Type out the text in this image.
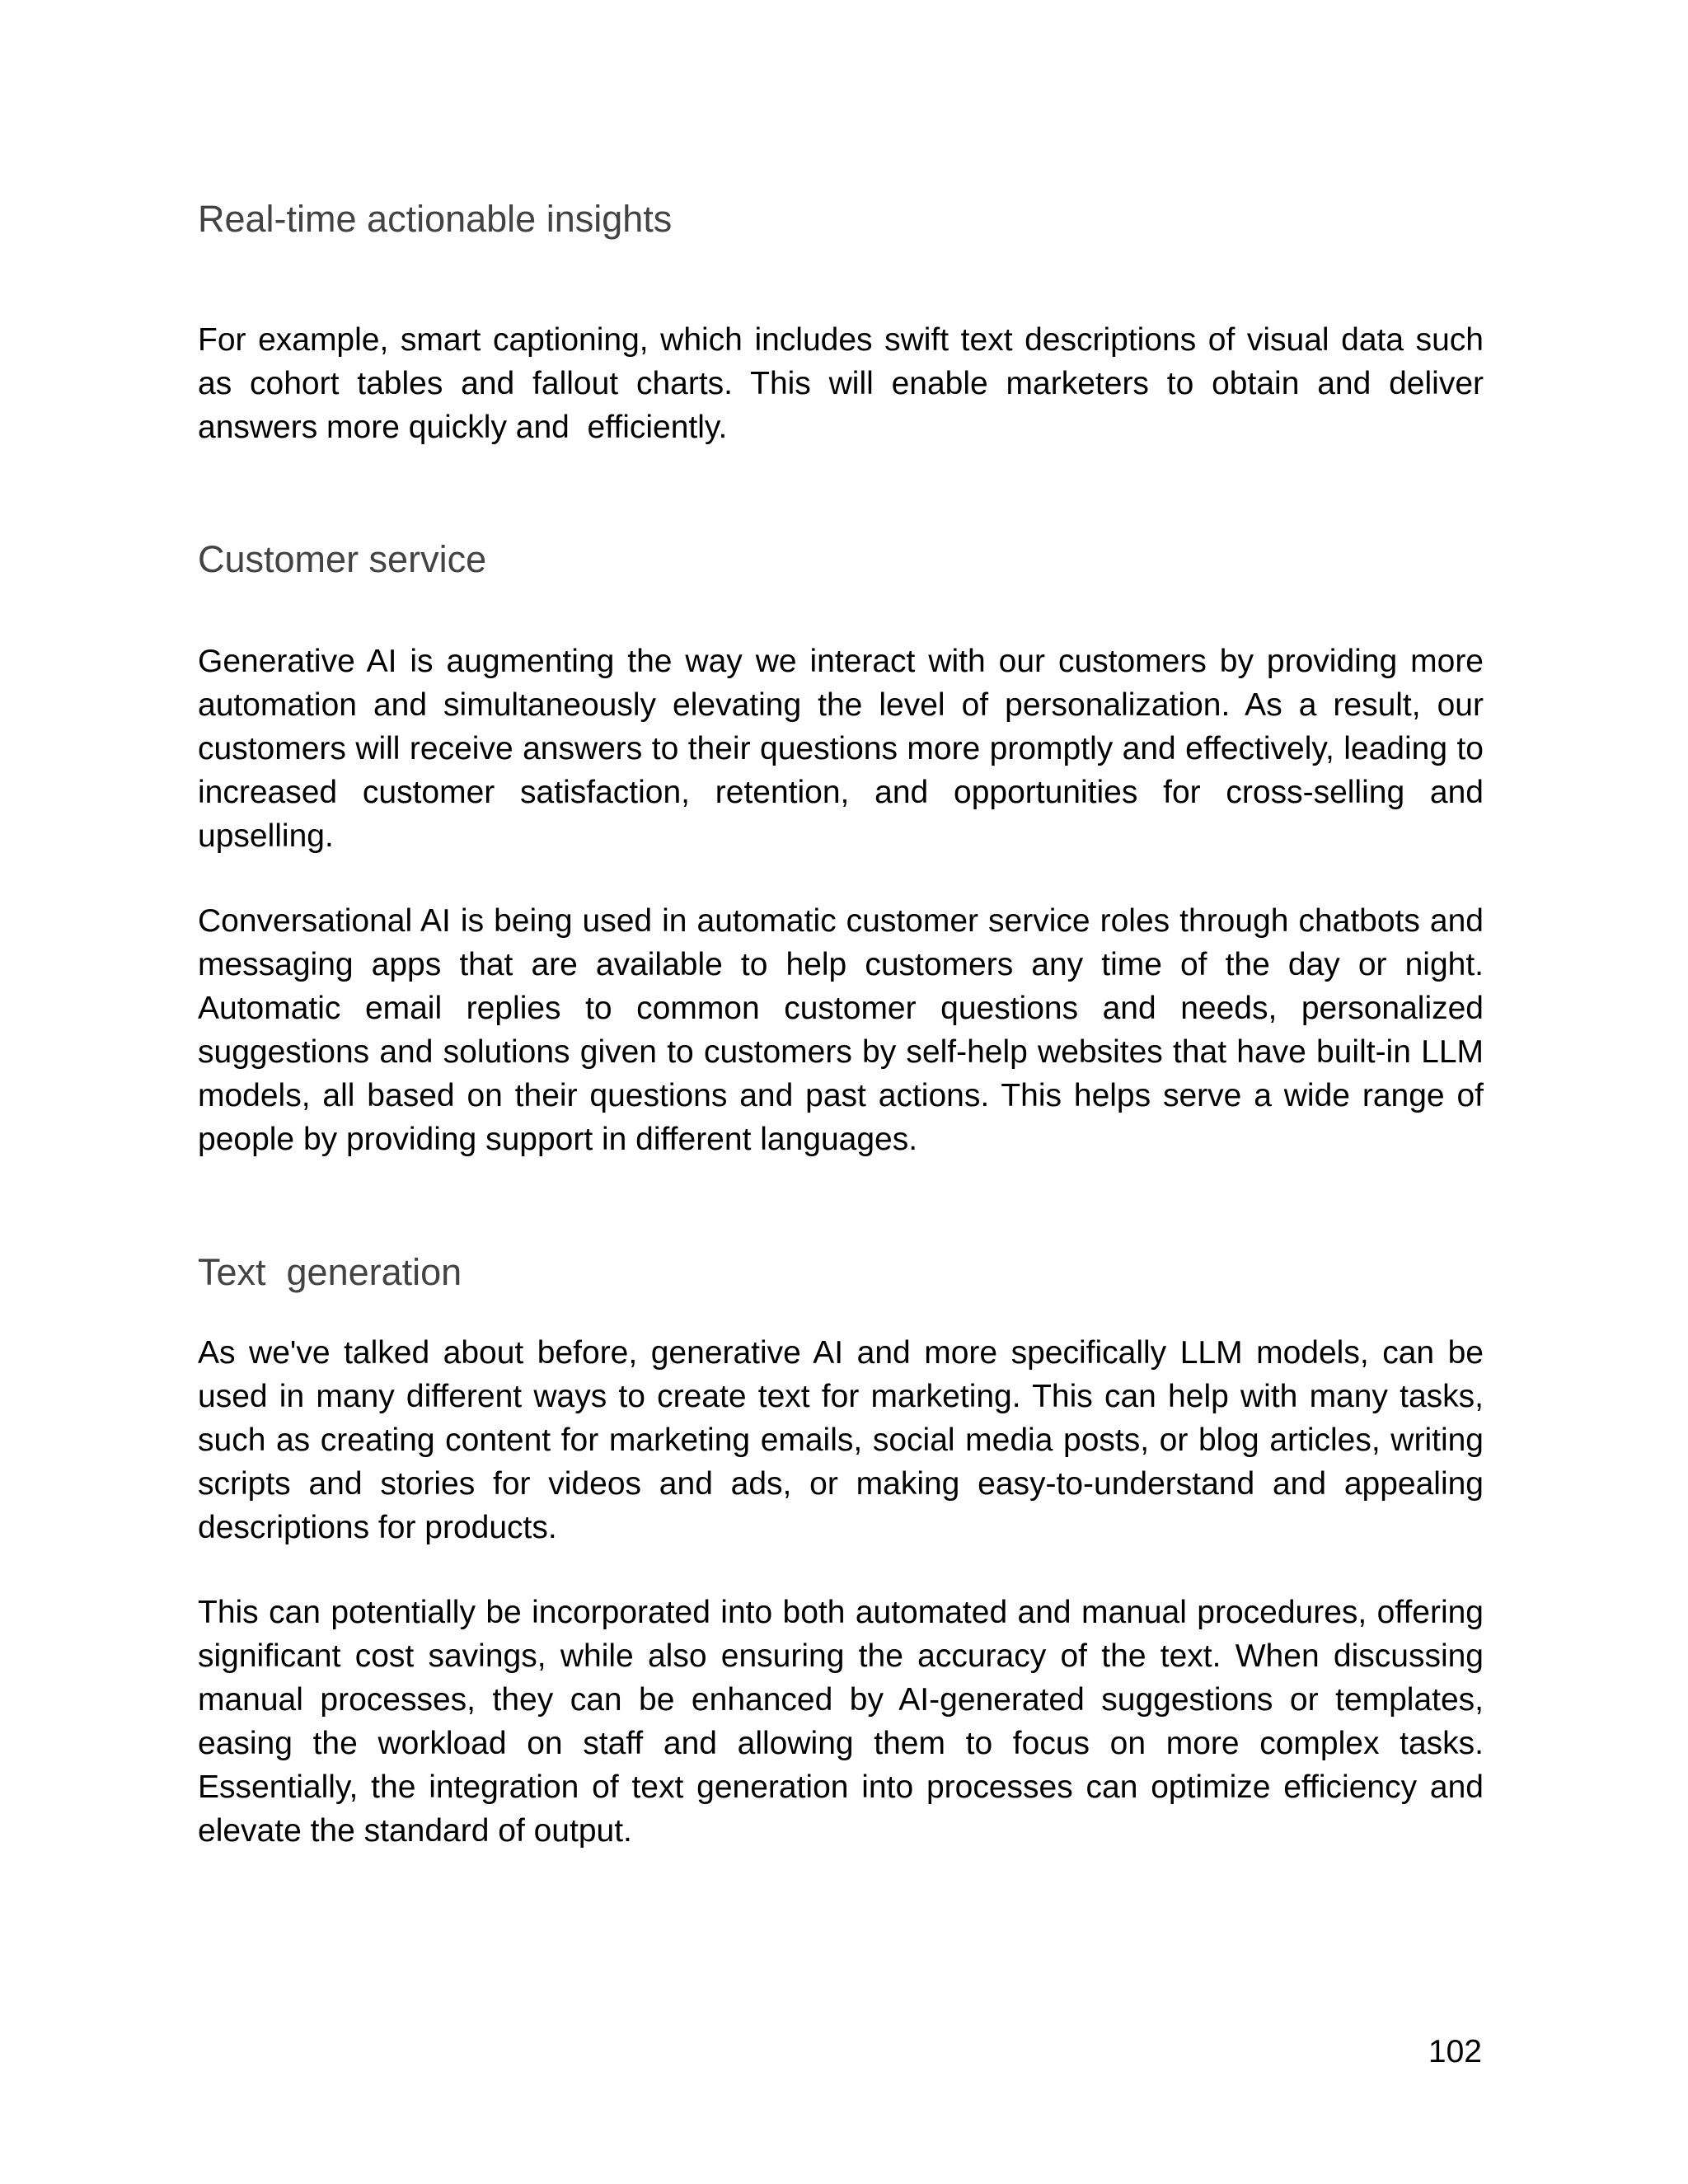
Real-time actionable insights

For example, smart captioning, which includes swift text descriptions of visual data such as cohort tables and fallout charts. This will enable marketers to obtain and deliver answers more quickly and  efficiently.

Customer service

Generative AI is augmenting the way we interact with our customers by providing more automation and simultaneously elevating the level of personalization. As a result, our customers will receive answers to their questions more promptly and effectively, leading to increased customer satisfaction, retention, and opportunities for cross-selling and upselling.

Conversational AI is being used in automatic customer service roles through chatbots and messaging apps that are available to help customers any time of the day or night. Automatic email replies to common customer questions and needs, personalized suggestions and solutions given to customers by self-help websites that have built-in LLM models, all based on their questions and past actions. This helps serve a wide range of people by providing support in different languages.

Text  generation

As we've talked about before, generative AI and more specifically LLM models, can be used in many different ways to create text for marketing. This can help with many tasks, such as creating content for marketing emails, social media posts, or blog articles, writing scripts and stories for videos and ads, or making easy-to-understand and appealing descriptions for products.

This can potentially be incorporated into both automated and manual procedures, offering significant cost savings, while also ensuring the accuracy of the text. When discussing manual processes, they can be enhanced by AI-generated suggestions or templates, easing the workload on staff and allowing them to focus on more complex tasks. Essentially, the integration of text generation into processes can optimize efficiency and elevate the standard of output.

102
